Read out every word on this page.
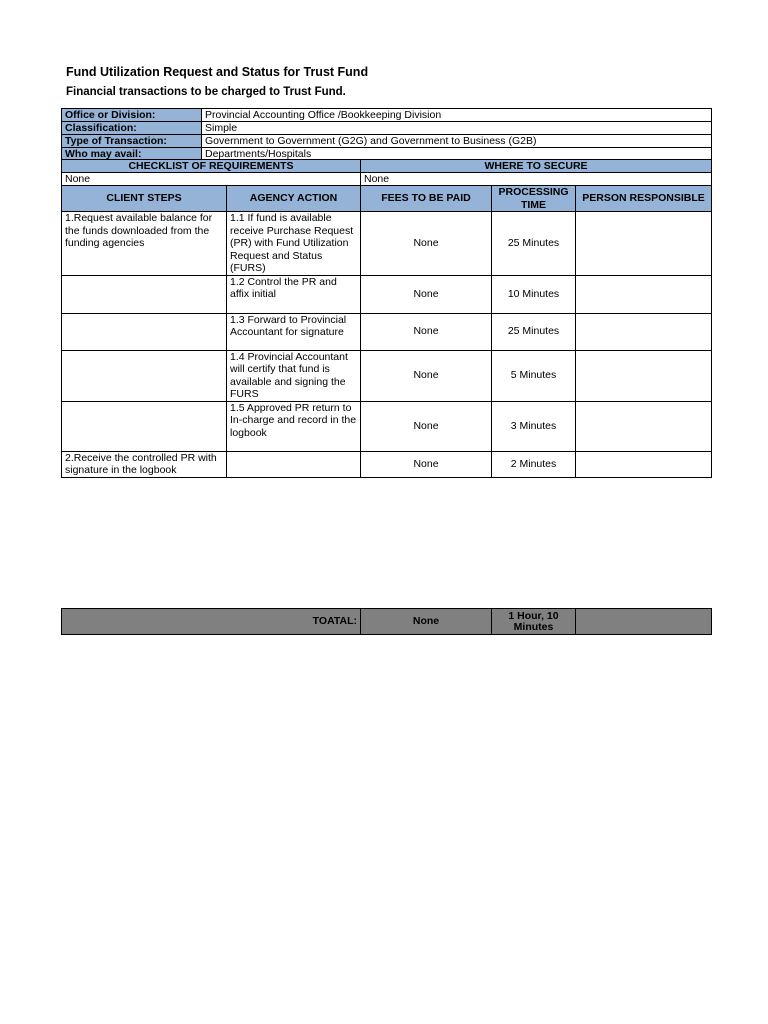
Fund Utilization Request and Status for Trust Fund
Financial transactions to be charged to Trust Fund.
Office or Division:	Provincial Accounting Office /Bookkeeping Division
Classification:	Simple
Type of Transaction:	Government to Government (G2G) and Government to Business (G2B)
Who may avail:	Departments/Hospitals
CHECKLIST OF REQUIREMENTS		WHERE TO SECURE		
None		None		
CLIENT STEPS	AGENCY ACTION	FEES TO BE PAID	PROCESSING TIME	PERSON RESPONSIBLE
1.Request available balance for the funds downloaded from the funding agencies	1.1 If fund is available receive Purchase Request (PR) with Fund Utilization Request and Status (FURS)	None	25 Minutes	
	1.2 Control the PR and affix initial	None	10 Minutes	
	1.3 Forward to Provincial Accountant for signature	None	25 Minutes	
	1.4 Provincial Accountant will certify that fund is available and signing the FURS	None	5 Minutes	
	1.5 Approved PR return to In-charge and record in the logbook	None	3 Minutes	
2.Receive the controlled PR with signature in the logbook		None	2 Minutes	
TOATAL:	None	1 Hour, 10 Minutes	
